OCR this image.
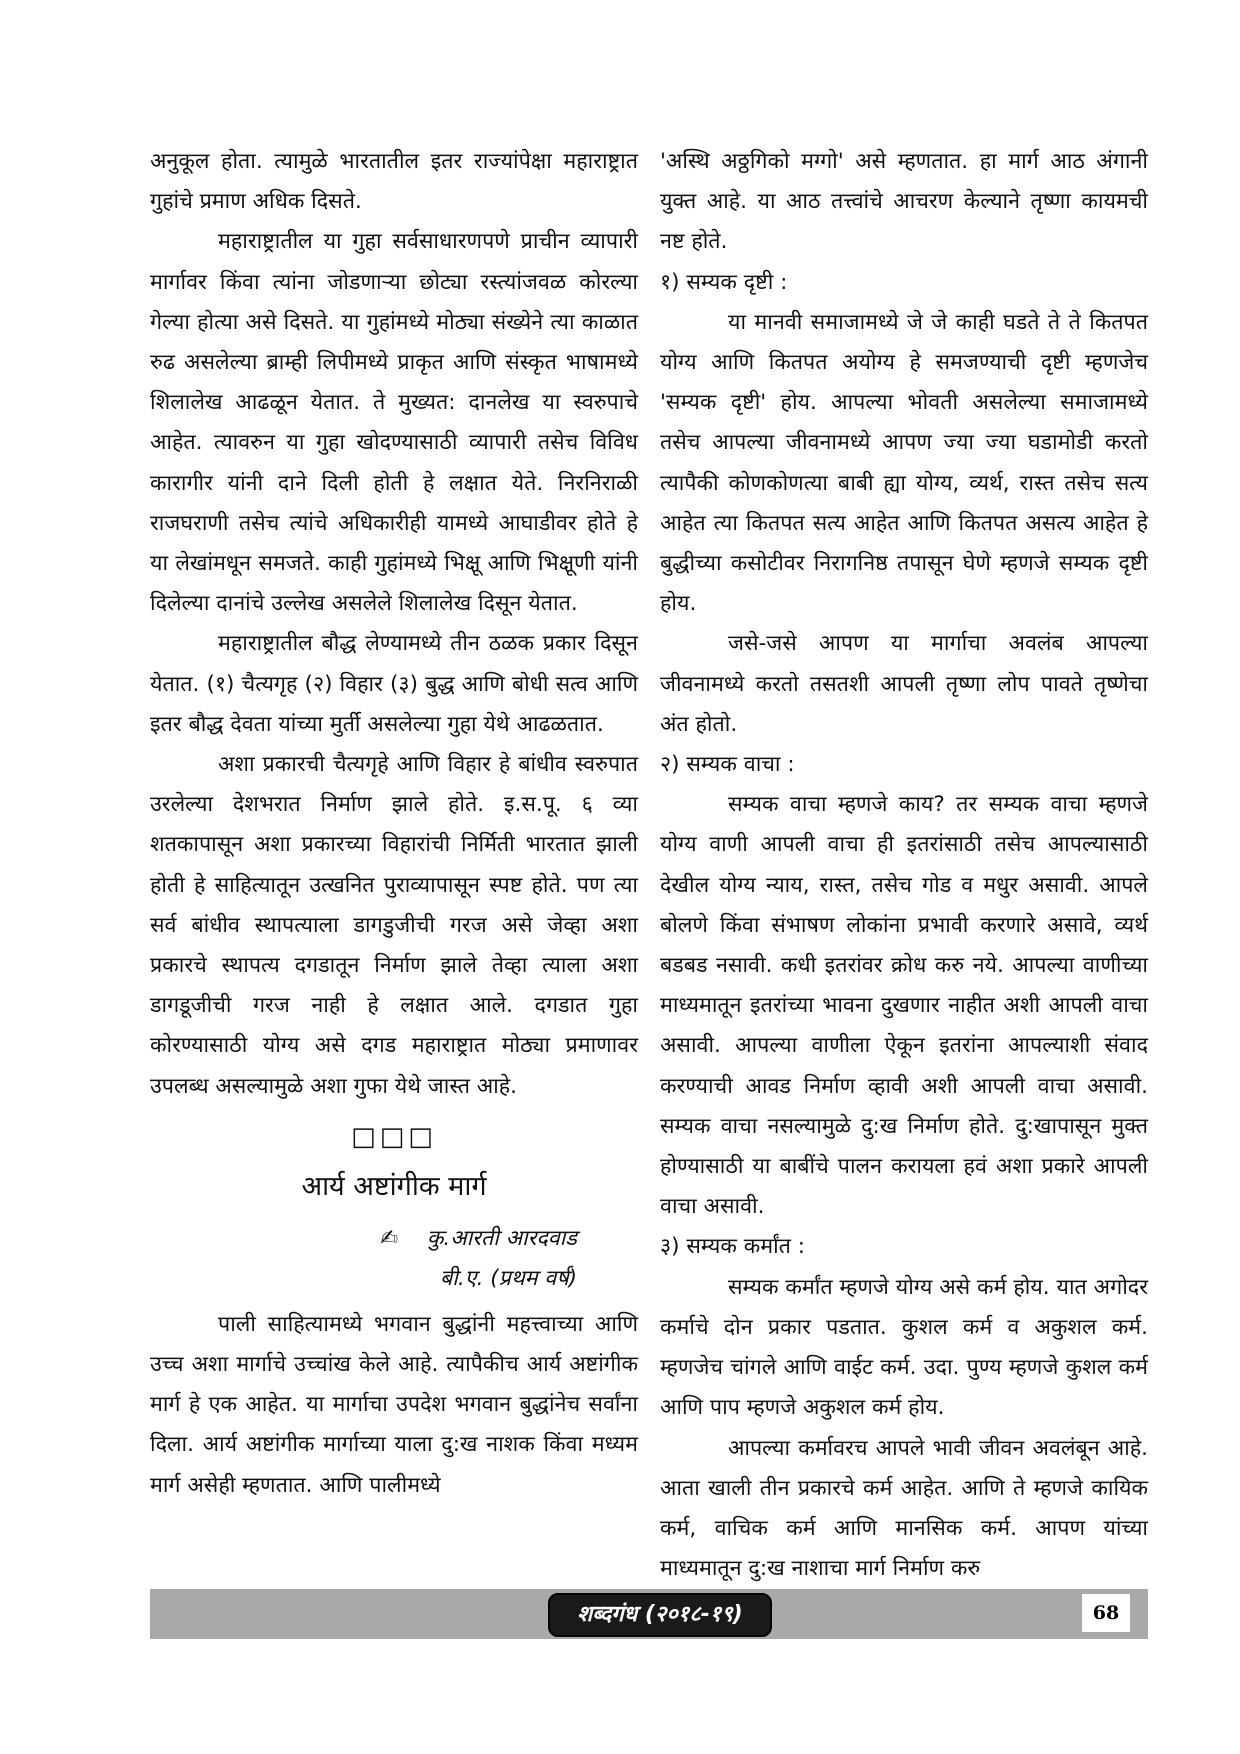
अनुकूल होता. त्यामुळे भारतातील इतर राज्यांपेक्षा महाराष्ट्रात गुहांचे प्रमाण अधिक दिसते.

महाराष्ट्रातील या गुहा सर्वसाधारणपणे प्राचीन व्यापारी मार्गावर किंवा त्यांना जोडणाऱ्या छोट्या रस्त्यांजवळ कोरल्या गेल्या होत्या असे दिसते. या गुहांमध्ये मोठ्या संख्येने त्या काळात रुढ असलेल्या ब्राम्ही लिपीमध्ये प्राकृत आणि संस्कृत भाषामध्ये शिलालेख आढळून येतात. ते मुख्यत: दानलेख या स्वरुपाचे आहेत. त्यावरुन या गुहा खोदण्यासाठी व्यापारी तसेच विविध कारागीर यांनी दाने दिली होती हे लक्षात येते. निरनिराळी राजघराणी तसेच त्यांचे अधिकारीही यामध्ये आघाडीवर होते हे या लेखांमधून समजते. काही गुहांमध्ये भिक्षू आणि भिक्षूणी यांनी दिलेल्या दानांचे उल्लेख असलेले शिलालेख दिसून येतात.

महाराष्ट्रातील बौद्ध लेण्यामध्ये तीन ठळक प्रकार दिसून येतात. (१) चैत्यगृह (२) विहार (३) बुद्ध आणि बोधी सत्व आणि इतर बौद्ध देवता यांच्या मुर्ती असलेल्या गुहा येथे आढळतात.

अशा प्रकारची चैत्यगृहे आणि विहार हे बांधीव स्वरुपात उरलेल्या देशभरात निर्माण झाले होते. इ.स.पू. ६ व्या शतकापासून अशा प्रकारच्या विहारांची निर्मिती भारतात झाली होती हे साहित्यातून उत्खनित पुराव्यापासून स्पष्ट होते. पण त्या सर्व बांधीव स्थापत्याला डागडुजीची गरज असे जेव्हा अशा प्रकारचे स्थापत्य दगडातून निर्माण झाले तेव्हा त्याला अशा डागडूजीची गरज नाही हे लक्षात आले. दगडात गुहा कोरण्यासाठी योग्य असे दगड महाराष्ट्रात मोठ्या प्रमाणावर उपलब्ध असल्यामुळे अशा गुफा येथे जास्त आहे.

□□□
आर्य अष्टांगीक मार्ग
✍ कु.आरती आरदवाड
बी.ए. (प्रथम वर्ष)

पाली साहित्यामध्ये भगवान बुद्धांनी महत्त्वाच्या आणि उच्च अशा मार्गाचे उच्चांख केले आहे. त्यापैकीच आर्य अष्टांगीक मार्ग हे एक आहेत. या मार्गाचा उपदेश भगवान बुद्धांनेच सर्वांना दिला. आर्य अष्टांगीक मार्गाच्या याला दु:ख नाशक किंवा मध्यम मार्ग असेही म्हणतात. आणि पालीमध्ये

'अस्थि अठ्ठगिको मग्गो' असे म्हणतात. हा मार्ग आठ अंगानी युक्त आहे. या आठ तत्त्वांचे आचरण केल्याने तृष्णा कायमची नष्ट होते.

१) सम्यक दृष्टी :

या मानवी समाजामध्ये जे जे काही घडते ते ते कितपत योग्य आणि कितपत अयोग्य हे समजण्याची दृष्टी म्हणजेच 'सम्यक दृष्टी' होय. आपल्या भोवती असलेल्या समाजामध्ये तसेच आपल्या जीवनामध्ये आपण ज्या ज्या घडामोडी करतो त्यापैकी कोणकोणत्या बाबी ह्या योग्य, व्यर्थ, रास्त तसेच सत्य आहेत त्या कितपत सत्य आहेत आणि कितपत असत्य आहेत हे बुद्धीच्या कसोटीवर निरागनिष्ठ तपासून घेणे म्हणजे सम्यक दृष्टी होय.

जसे-जसे आपण या मार्गाचा अवलंब आपल्या जीवनामध्ये करतो तसतशी आपली तृष्णा लोप पावते तृष्णेचा अंत होतो.

२) सम्यक वाचा :

सम्यक वाचा म्हणजे काय? तर सम्यक वाचा म्हणजे योग्य वाणी आपली वाचा ही इतरांसाठी तसेच आपल्यासाठी देखील योग्य न्याय, रास्त, तसेच गोड व मधुर असावी. आपले बोलणे किंवा संभाषण लोकांना प्रभावी करणारे असावे, व्यर्थ बडबड नसावी. कधी इतरांवर क्रोध करु नये. आपल्या वाणीच्या माध्यमातून इतरांच्या भावना दुखणार नाहीत अशी आपली वाचा असावी. आपल्या वाणीला ऐकून इतरांना आपल्याशी संवाद करण्याची आवड निर्माण व्हावी अशी आपली वाचा असावी. सम्यक वाचा नसल्यामुळे दु:ख निर्माण होते. दु:खापासून मुक्त होण्यासाठी या बाबींचे पालन करायला हवं अशा प्रकारे आपली वाचा असावी.

३) सम्यक कर्मांत :

सम्यक कर्मांत म्हणजे योग्य असे कर्म होय. यात अगोदर कर्माचे दोन प्रकार पडतात. कुशल कर्म व अकुशल कर्म. म्हणजेच चांगले आणि वाईट कर्म. उदा. पुण्य म्हणजे कुशल कर्म आणि पाप म्हणजे अकुशल कर्म होय.

आपल्या कर्मावरच आपले भावी जीवन अवलंबून आहे. आता खाली तीन प्रकारचे कर्म आहेत. आणि ते म्हणजे कायिक कर्म, वाचिक कर्म आणि मानसिक कर्म. आपण यांच्या माध्यमातून दु:ख नाशाचा मार्ग निर्माण करु

शब्दगंध (२०१८-१९)	68
